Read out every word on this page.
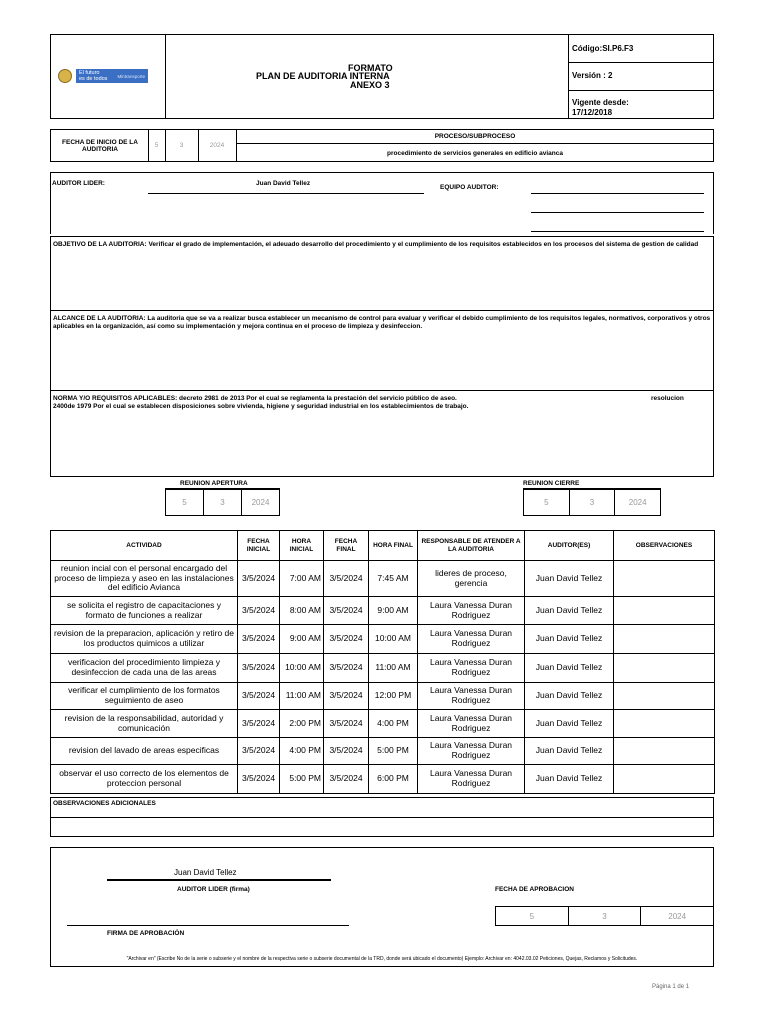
El futuro
es de todos Mintransporte
FORMATO
PLAN DE AUDITORIA INTERNA
ANEXO 3
Código:SI.P6.F3
Versión : 2
Vigente desde:
17/12/2018
FECHA DE INICIO DE LA AUDITORIA	5	3	2024
PROCESO/SUBPROCESO
procedimiento de servicios generales en edificio avianca
AUDITOR LIDER:	Juan David Tellez
EQUIPO AUDITOR:
OBJETIVO DE LA AUDITORIA: Verificar el grado de implementación, el adeuado desarrollo del procedimiento y el cumplimiento de los requisitos establecidos en los procesos del sistema de gestion de calidad
ALCANCE DE LA AUDITORIA: La auditoria que se va a realizar busca establecer un mecanismo de control para evaluar y verificar el debido cumplimiento de los requisitos legales, normativos, corporativos y otros aplicables en la organización, así como su implementación y mejora continua en el proceso de limpieza y desinfeccion.
NORMA Y/O REQUISITOS APLICABLES: decreto 2981 de 2013 Por el cual se reglamenta la prestación del servicio público de aseo.	resolucion
2400de 1979 Por el cual se establecen disposiciones sobre vivienda, higiene y seguridad industrial en los establecimientos de trabajo.
REUNION APERTURA
5	3	2024
REUNION CIERRE
5	3	2024
ACTIVIDAD	FECHA INICIAL	HORA INICIAL	FECHA FINAL	HORA FINAL	RESPONSABLE DE ATENDER A LA AUDITORIA	AUDITOR(ES)	OBSERVACIONES
reunion incial con el personal encargado del proceso de limpieza y aseo en las instalaciones del edificio Avianca	3/5/2024	7:00 AM	3/5/2024	7:45 AM	lideres de proceso, gerencia	Juan David Tellez	
se solicita el registro de capacitaciones y formato de funciones a realizar	3/5/2024	8:00 AM	3/5/2024	9:00 AM	Laura Vanessa Duran Rodriguez	Juan David Tellez	
revision de la preparacion, aplicación y retiro de los productos quimicos a utilizar	3/5/2024	9:00 AM	3/5/2024	10:00 AM	Laura Vanessa Duran Rodriguez	Juan David Tellez	
verificacion del procedimiento limpieza y desinfeccion de cada una de las areas	3/5/2024	10:00 AM	3/5/2024	11:00 AM	Laura Vanessa Duran Rodriguez	Juan David Tellez	
verificar el cumplimiento de los formatos seguimiento de aseo	3/5/2024	11:00 AM	3/5/2024	12:00 PM	Laura Vanessa Duran Rodriguez	Juan David Tellez	
revision de la responsabilidad, autoridad y comunicación	3/5/2024	2:00 PM	3/5/2024	4:00 PM	Laura Vanessa Duran Rodriguez	Juan David Tellez	
revision del lavado de areas especificas	3/5/2024	4:00 PM	3/5/2024	5:00 PM	Laura Vanessa Duran Rodriguez	Juan David Tellez	
observar el uso correcto de los elementos de proteccion personal	3/5/2024	5:00 PM	3/5/2024	6:00 PM	Laura Vanessa Duran Rodriguez	Juan David Tellez	
OBSERVACIONES ADICIONALES
Juan David Tellez
AUDITOR LIDER (firma)	FECHA DE APROBACION
5	3	2024
FIRMA DE APROBACIÓN
"Archivar en" (Escribe No de la serie o subserie y el nombre de la respectiva serie o subserie documental de la TRD, donde será ubicado el documento) Ejemplo: Archivar en: 4042.03.02 Peticiones, Quejas, Reclamos y Solicitudes.
Página 1 de 1
